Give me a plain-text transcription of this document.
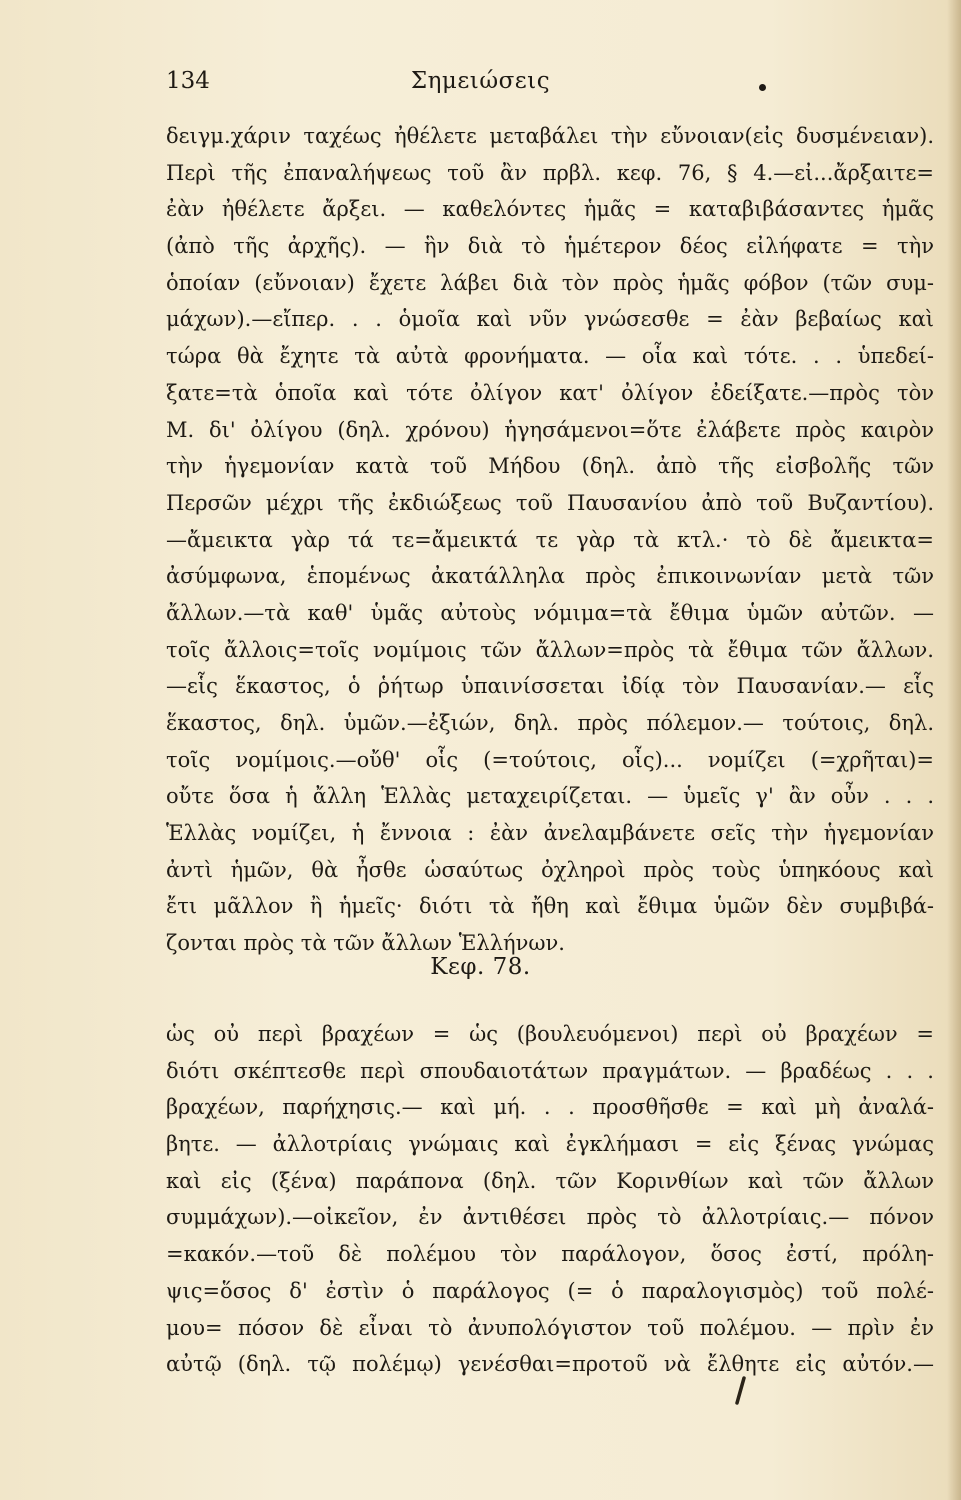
Σημειώσεις
134
δειγμ.χάριν ταχέως ἠθέλετε μεταβάλει τὴν εὔνοιαν(εἰς δυσμένειαν).
Περὶ τῆς ἐπαναλήψεως τοῦ ἂν πρβλ. κεφ. 76, § 4.—εἰ...ἄρξαιτε=
ἐὰν ἠθέλετε ἄρξει. — καθελόντες ἡμᾶς = καταβιβάσαντες ἡμᾶς
(ἀπὸ τῆς ἀρχῆς). — ἣν διὰ τὸ ἡμέτερον δέος εἰλήφατε = τὴν
ὁποίαν (εὔνοιαν) ἔχετε λάβει διὰ τὸν πρὸς ἡμᾶς φόβον (τῶν συμ-
μάχων).—εἴπερ. . . ὁμοῖα καὶ νῦν γνώσεσθε = ἐὰν βεβαίως καὶ
τώρα θὰ ἔχητε τὰ αὐτὰ φρονήματα. — οἷα καὶ τότε. . . ὑπεδεί-
ξατε=τὰ ὁποῖα καὶ τότε ὀλίγον κατ' ὀλίγον ἐδείξατε.—πρὸς τὸν
Μ. δι' ὀλίγου (δηλ. χρόνου) ἡγησάμενοι=ὅτε ἐλάβετε πρὸς καιρὸν
τὴν ἡγεμονίαν κατὰ τοῦ Μήδου (δηλ. ἀπὸ τῆς εἰσβολῆς τῶν
Περσῶν μέχρι τῆς ἐκδιώξεως τοῦ Παυσανίου ἀπὸ τοῦ Βυζαντίου).
—ἄμεικτα γὰρ τά τε=ἄμεικτά τε γὰρ τὰ κτλ.· τὸ δὲ ἄμεικτα=
ἀσύμφωνα, ἑπομένως ἀκατάλληλα πρὸς ἐπικοινωνίαν μετὰ τῶν
ἄλλων.—τὰ καθ' ὑμᾶς αὐτοὺς νόμιμα=τὰ ἔθιμα ὑμῶν αὐτῶν. —
τοῖς ἄλλοις=τοῖς νομίμοις τῶν ἄλλων=πρὸς τὰ ἔθιμα τῶν ἄλλων.
—εἷς ἕκαστος, ὁ ῥήτωρ ὑπαινίσσεται ἰδίᾳ τὸν Παυσανίαν.— εἷς
ἕκαστος, δηλ. ὑμῶν.—ἐξιών, δηλ. πρὸς πόλεμον.— τούτοις, δηλ.
τοῖς νομίμοις.—οὔθ' οἷς (=τούτοις, οἷς)... νομίζει (=χρῆται)=
οὔτε ὅσα ἡ ἄλλη Ἑλλὰς μεταχειρίζεται. — ὑμεῖς γ' ἂν οὖν . . .
Ἑλλὰς νομίζει, ἡ ἔννοια : ἐὰν ἀνελαμβάνετε σεῖς τὴν ἡγεμονίαν
ἀντὶ ἡμῶν, θὰ ἦσθε ὡσαύτως ὀχληροὶ πρὸς τοὺς ὑπηκόους καὶ
ἔτι μᾶλλον ἢ ἡμεῖς· διότι τὰ ἤθη καὶ ἔθιμα ὑμῶν δὲν συμβιβά-
ζονται πρὸς τὰ τῶν ἄλλων Ἑλλήνων.
Κεφ. 78.
ὡς οὐ περὶ βραχέων = ὡς (βουλευόμενοι) περὶ οὐ βραχέων =
διότι σκέπτεσθε περὶ σπουδαιοτάτων πραγμάτων. — βραδέως . . .
βραχέων, παρήχησις.— καὶ μή. . . προσθῆσθε = καὶ μὴ ἀναλά-
βητε. — ἀλλοτρίαις γνώμαις καὶ ἐγκλήμασι = εἰς ξένας γνώμας
καὶ εἰς (ξένα) παράπονα (δηλ. τῶν Κορινθίων καὶ τῶν ἄλλων
συμμάχων).—οἰκεῖον, ἐν ἀντιθέσει πρὸς τὸ ἀλλοτρίαις.— πόνον
=κακόν.—τοῦ δὲ πολέμου τὸν παράλογον, ὅσος ἐστί, πρόλη-
ψις=ὅσος δ' ἐστὶν ὁ παράλογος (= ὁ παραλογισμὸς) τοῦ πολέ-
μου= πόσον δὲ εἶναι τὸ ἀνυπολόγιστον τοῦ πολέμου. — πρὶν ἐν
αὐτῷ (δηλ. τῷ πολέμῳ) γενέσθαι=προτοῦ νὰ ἔλθητε εἰς αὐτόν.—
